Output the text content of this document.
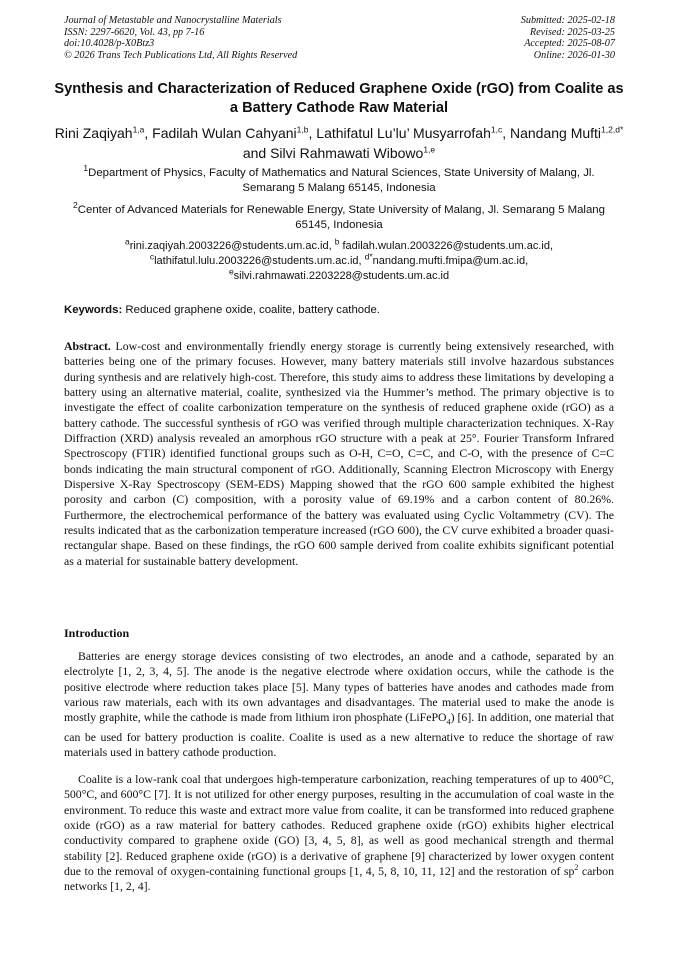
Journal of Metastable and Nanocrystalline Materials
ISSN: 2297-6620, Vol. 43, pp 7-16
doi:10.4028/p-X0Btz3
© 2026 Trans Tech Publications Ltd, All Rights Reserved
Submitted: 2025-02-18
Revised: 2025-03-25
Accepted: 2025-08-07
Online: 2026-01-30
Synthesis and Characterization of Reduced Graphene Oxide (rGO) from Coalite as a Battery Cathode Raw Material
Rini Zaqiyah$^{1,a}$, Fadilah Wulan Cahyani$^{1,b}$, Lathifatul Lu’lu’ Musyarrofah$^{1,c}$, Nandang Mufti$^{1,2,d*}$ and Silvi Rahmawati Wibowo$^{1,e}$
$^1$Department of Physics, Faculty of Mathematics and Natural Sciences, State University of Malang, Jl. Semarang 5 Malang 65145, Indonesia
$^2$Center of Advanced Materials for Renewable Energy, State University of Malang, Jl. Semarang 5 Malang 65145, Indonesia
$^a$rini.zaqiyah.2003226@students.um.ac.id, $^b$ fadilah.wulan.2003226@students.um.ac.id,
$^c$lathifatul.lulu.2003226@students.um.ac.id, $^{d*}$nandang.mufti.fmipa@um.ac.id,
$^e$silvi.rahmawati.2203228@students.um.ac.id
Keywords: Reduced graphene oxide, coalite, battery cathode.

Abstract. Low-cost and environmentally friendly energy storage is currently being extensively researched, with batteries being one of the primary focuses. However, many battery materials still involve hazardous substances during synthesis and are relatively high-cost. Therefore, this study aims to address these limitations by developing a battery using an alternative material, coalite, synthesized via the Hummer’s method. The primary objective is to investigate the effect of coalite carbonization temperature on the synthesis of reduced graphene oxide (rGO) as a battery cathode. The successful synthesis of rGO was verified through multiple characterization techniques. X-Ray Diffraction (XRD) analysis revealed an amorphous rGO structure with a peak at 25°. Fourier Transform Infrared Spectroscopy (FTIR) identified functional groups such as O-H, C=O, C=C, and C-O, with the presence of C=C bonds indicating the main structural component of rGO. Additionally, Scanning Electron Microscopy with Energy Dispersive X-Ray Spectroscopy (SEM-EDS) Mapping showed that the rGO 600 sample exhibited the highest porosity and carbon (C) composition, with a porosity value of 69.19% and a carbon content of 80.26%. Furthermore, the electrochemical performance of the battery was evaluated using Cyclic Voltammetry (CV). The results indicated that as the carbonization temperature increased (rGO 600), the CV curve exhibited a broader quasi-rectangular shape. Based on these findings, the rGO 600 sample derived from coalite exhibits significant potential as a material for sustainable battery development.

Introduction

Batteries are energy storage devices consisting of two electrodes, an anode and a cathode, separated by an electrolyte [1, 2, 3, 4, 5]. The anode is the negative electrode where oxidation occurs, while the cathode is the positive electrode where reduction takes place [5]. Many types of batteries have anodes and cathodes made from various raw materials, each with its own advantages and disadvantages. The material used to make the anode is mostly graphite, while the cathode is made from lithium iron phosphate (LiFePO$_4$) [6]. In addition, one material that can be used for battery production is coalite. Coalite is used as a new alternative to reduce the shortage of raw materials used in battery cathode production.

Coalite is a low-rank coal that undergoes high-temperature carbonization, reaching temperatures of up to 400°C, 500°C, and 600°C [7]. It is not utilized for other energy purposes, resulting in the accumulation of coal waste in the environment. To reduce this waste and extract more value from coalite, it can be transformed into reduced graphene oxide (rGO) as a raw material for battery cathodes. Reduced graphene oxide (rGO) exhibits higher electrical conductivity compared to graphene oxide (GO) [3, 4, 5, 8], as well as good mechanical strength and thermal stability [2]. Reduced graphene oxide (rGO) is a derivative of graphene [9] characterized by lower oxygen content due to the removal of oxygen-containing functional groups [1, 4, 5, 8, 10, 11, 12] and the restoration of $sp^2$ carbon networks [1, 2, 4].
